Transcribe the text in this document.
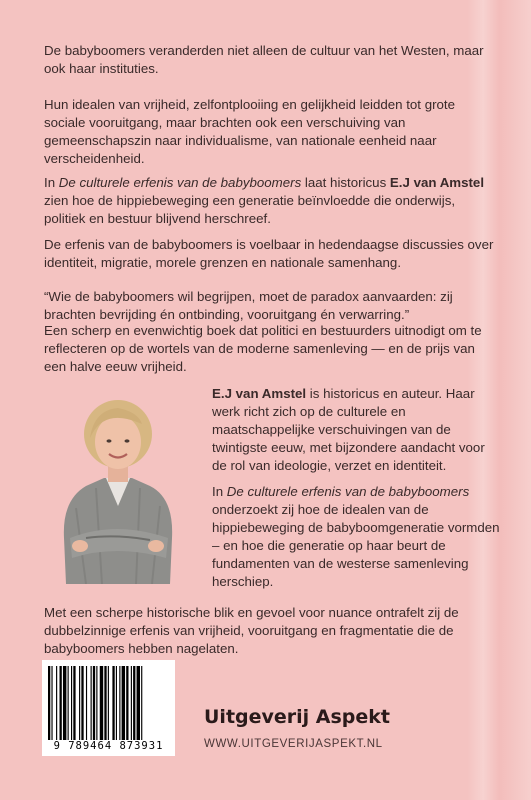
De babyboomers veranderden niet alleen de cultuur van het Westen, maar ook haar instituties.

Hun idealen van vrijheid, zelfontplooiing en gelijkheid leidden tot grote sociale vooruitgang, maar brachten ook een verschuiving van gemeenschapszin naar individualisme, van nationale eenheid naar verscheidenheid.

In De culturele erfenis van de babyboomers laat historicus E.J van Amstel zien hoe de hippiebeweging een generatie beïnvloedde die onderwijs, politiek en bestuur blijvend herschreef.

De erfenis van de babyboomers is voelbaar in hedendaagse discussies over identiteit, migratie, morele grenzen en nationale samenhang.

“Wie de babyboomers wil begrijpen, moet de paradox aanvaarden: zij brachten bevrijding én ontbinding, vooruitgang én verwarring.”

Een scherp en evenwichtig boek dat politici en bestuurders uitnodigt om te reflecteren op de wortels van de moderne samenleving — en de prijs van een halve eeuw vrijheid.

E.J van Amstel is historicus en auteur. Haar werk richt zich op de culturele en maatschappelijke verschuivingen van de twintigste eeuw, met bijzondere aandacht voor de rol van ideologie, verzet en identiteit.

In De culturele erfenis van de babyboomers onderzoekt zij hoe de idealen van de hippiebeweging de babyboomgeneratie vormden – en hoe die generatie op haar beurt de fundamenten van de westerse samenleving herschiep.

Met een scherpe historische blik en gevoel voor nuance ontrafelt zij de dubbelzinnige erfenis van vrijheid, vooruitgang en fragmentatie die de babyboomers hebben nagelaten.

9 789464 873931

Uitgeverij Aspekt

WWW.UITGEVERIJASPEKT.NL
